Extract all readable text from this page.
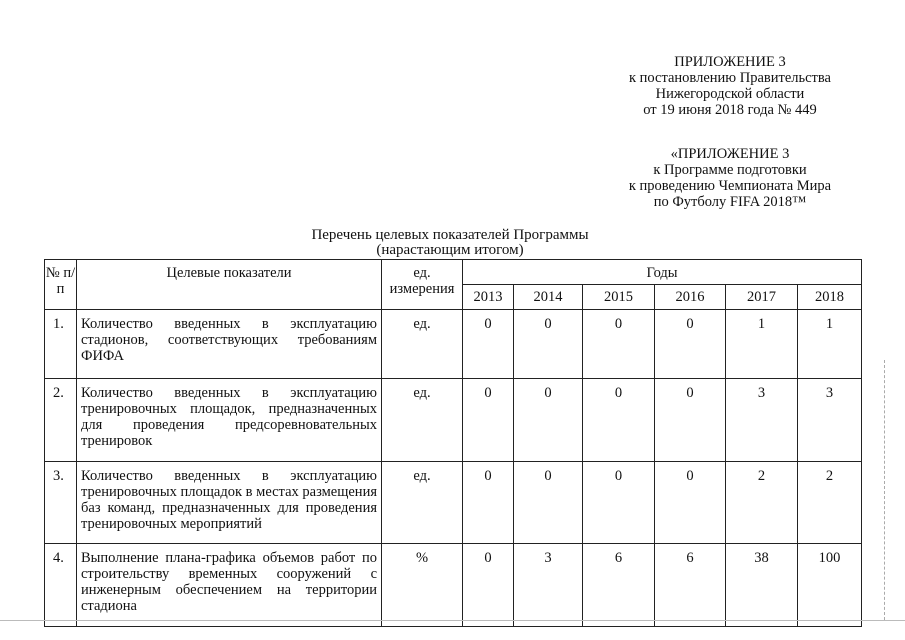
ПРИЛОЖЕНИЕ 3
к постановлению Правительства
Нижегородской области
от 19 июня 2018 года № 449
«ПРИЛОЖЕНИЕ 3
к Программе подготовки
к проведению Чемпионата Мира
по Футболу FIFA 2018™
Перечень целевых показателей Программы
(нарастающим итогом)
№ п/п	Целевые показатели	ед. измерения	Годы					
			2013	2014	2015	2016	2017	2018
1.	Количество введенных в эксплуатацию стадионов, соответствующих требованиям ФИФА	ед.	0	0	0	0	1	1
2.	Количество введенных в эксплуатацию тренировочных площадок, предназначенных для проведения предсоревновательных тренировок	ед.	0	0	0	0	3	3
3.	Количество введенных в эксплуатацию тренировочных площадок в местах размещения баз команд, предназначенных для проведения тренировочных мероприятий	ед.	0	0	0	0	2	2
4.	Выполнение плана-графика объемов работ по строительству временных сооружений с инженерным обеспечением на территории стадиона	%	0	3	6	6	38	100
